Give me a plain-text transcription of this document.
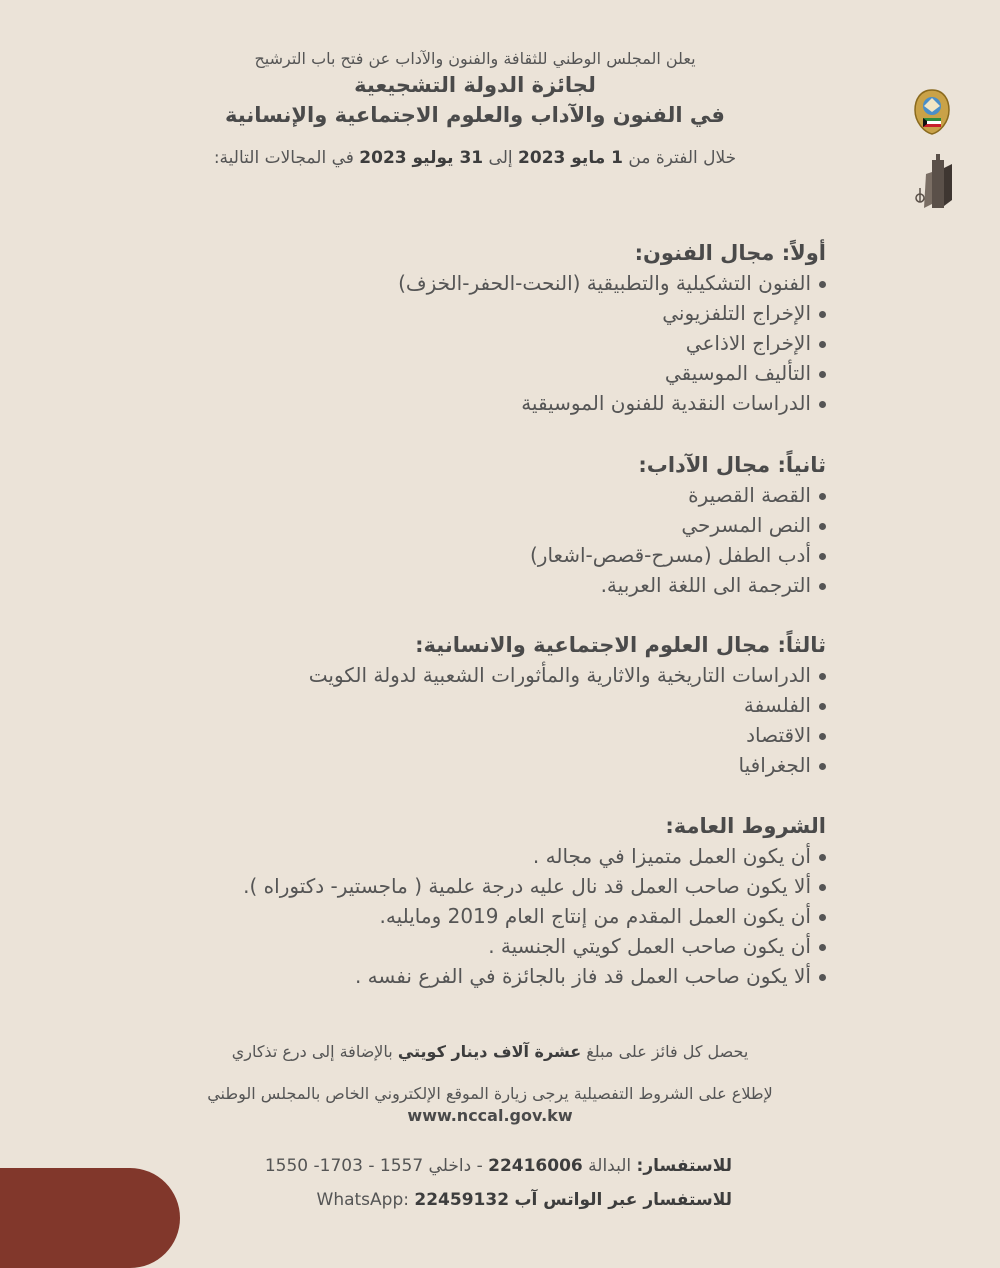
يعلن المجلس الوطني للثقافة والفنون والآداب عن فتح باب الترشيح
لجائزة الدولة التشجيعية
في الفنون والآداب والعلوم الاجتماعية والإنسانية
خلال الفترة من 1 مايو 2023 إلى 31 يوليو 2023 في المجالات التالية:

أولاً: مجال الفنون:
الفنون التشكيلية والتطبيقية (النحت-الحفر-الخزف)
الإخراج التلفزيوني
الإخراج الاذاعي
التأليف الموسيقي
الدراسات النقدية للفنون الموسيقية
ثانياً: مجال الآداب:
القصة القصيرة
النص المسرحي
أدب الطفل (مسرح-قصص-اشعار)
الترجمة الى اللغة العربية.
ثالثاً: مجال العلوم الاجتماعية والانسانية:
الدراسات التاريخية والاثارية والمأثورات الشعبية لدولة الكويت
الفلسفة
الاقتصاد
الجغرافيا
الشروط العامة:
أن يكون العمل متميزا في مجاله .
ألا يكون صاحب العمل قد نال عليه درجة علمية ( ماجستير- دكتوراه ).
أن يكون العمل المقدم من إنتاج العام 2019 ومايليه.
أن يكون صاحب العمل كويتي الجنسية .
ألا يكون صاحب العمل قد فاز بالجائزة في الفرع نفسه .
يحصل كل فائز على مبلغ عشرة آلاف دينار كويتي بالإضافة إلى درع تذكاري
لإطلاع على الشروط التفصيلية يرجى زيارة الموقع الإلكتروني الخاص بالمجلس الوطني
www.nccal.gov.kw
للاستفسار: البدالة 22416006 - داخلي 1557 - 1703- 1550
للاستفسار عبر الواتس آب WhatsApp: 22459132
